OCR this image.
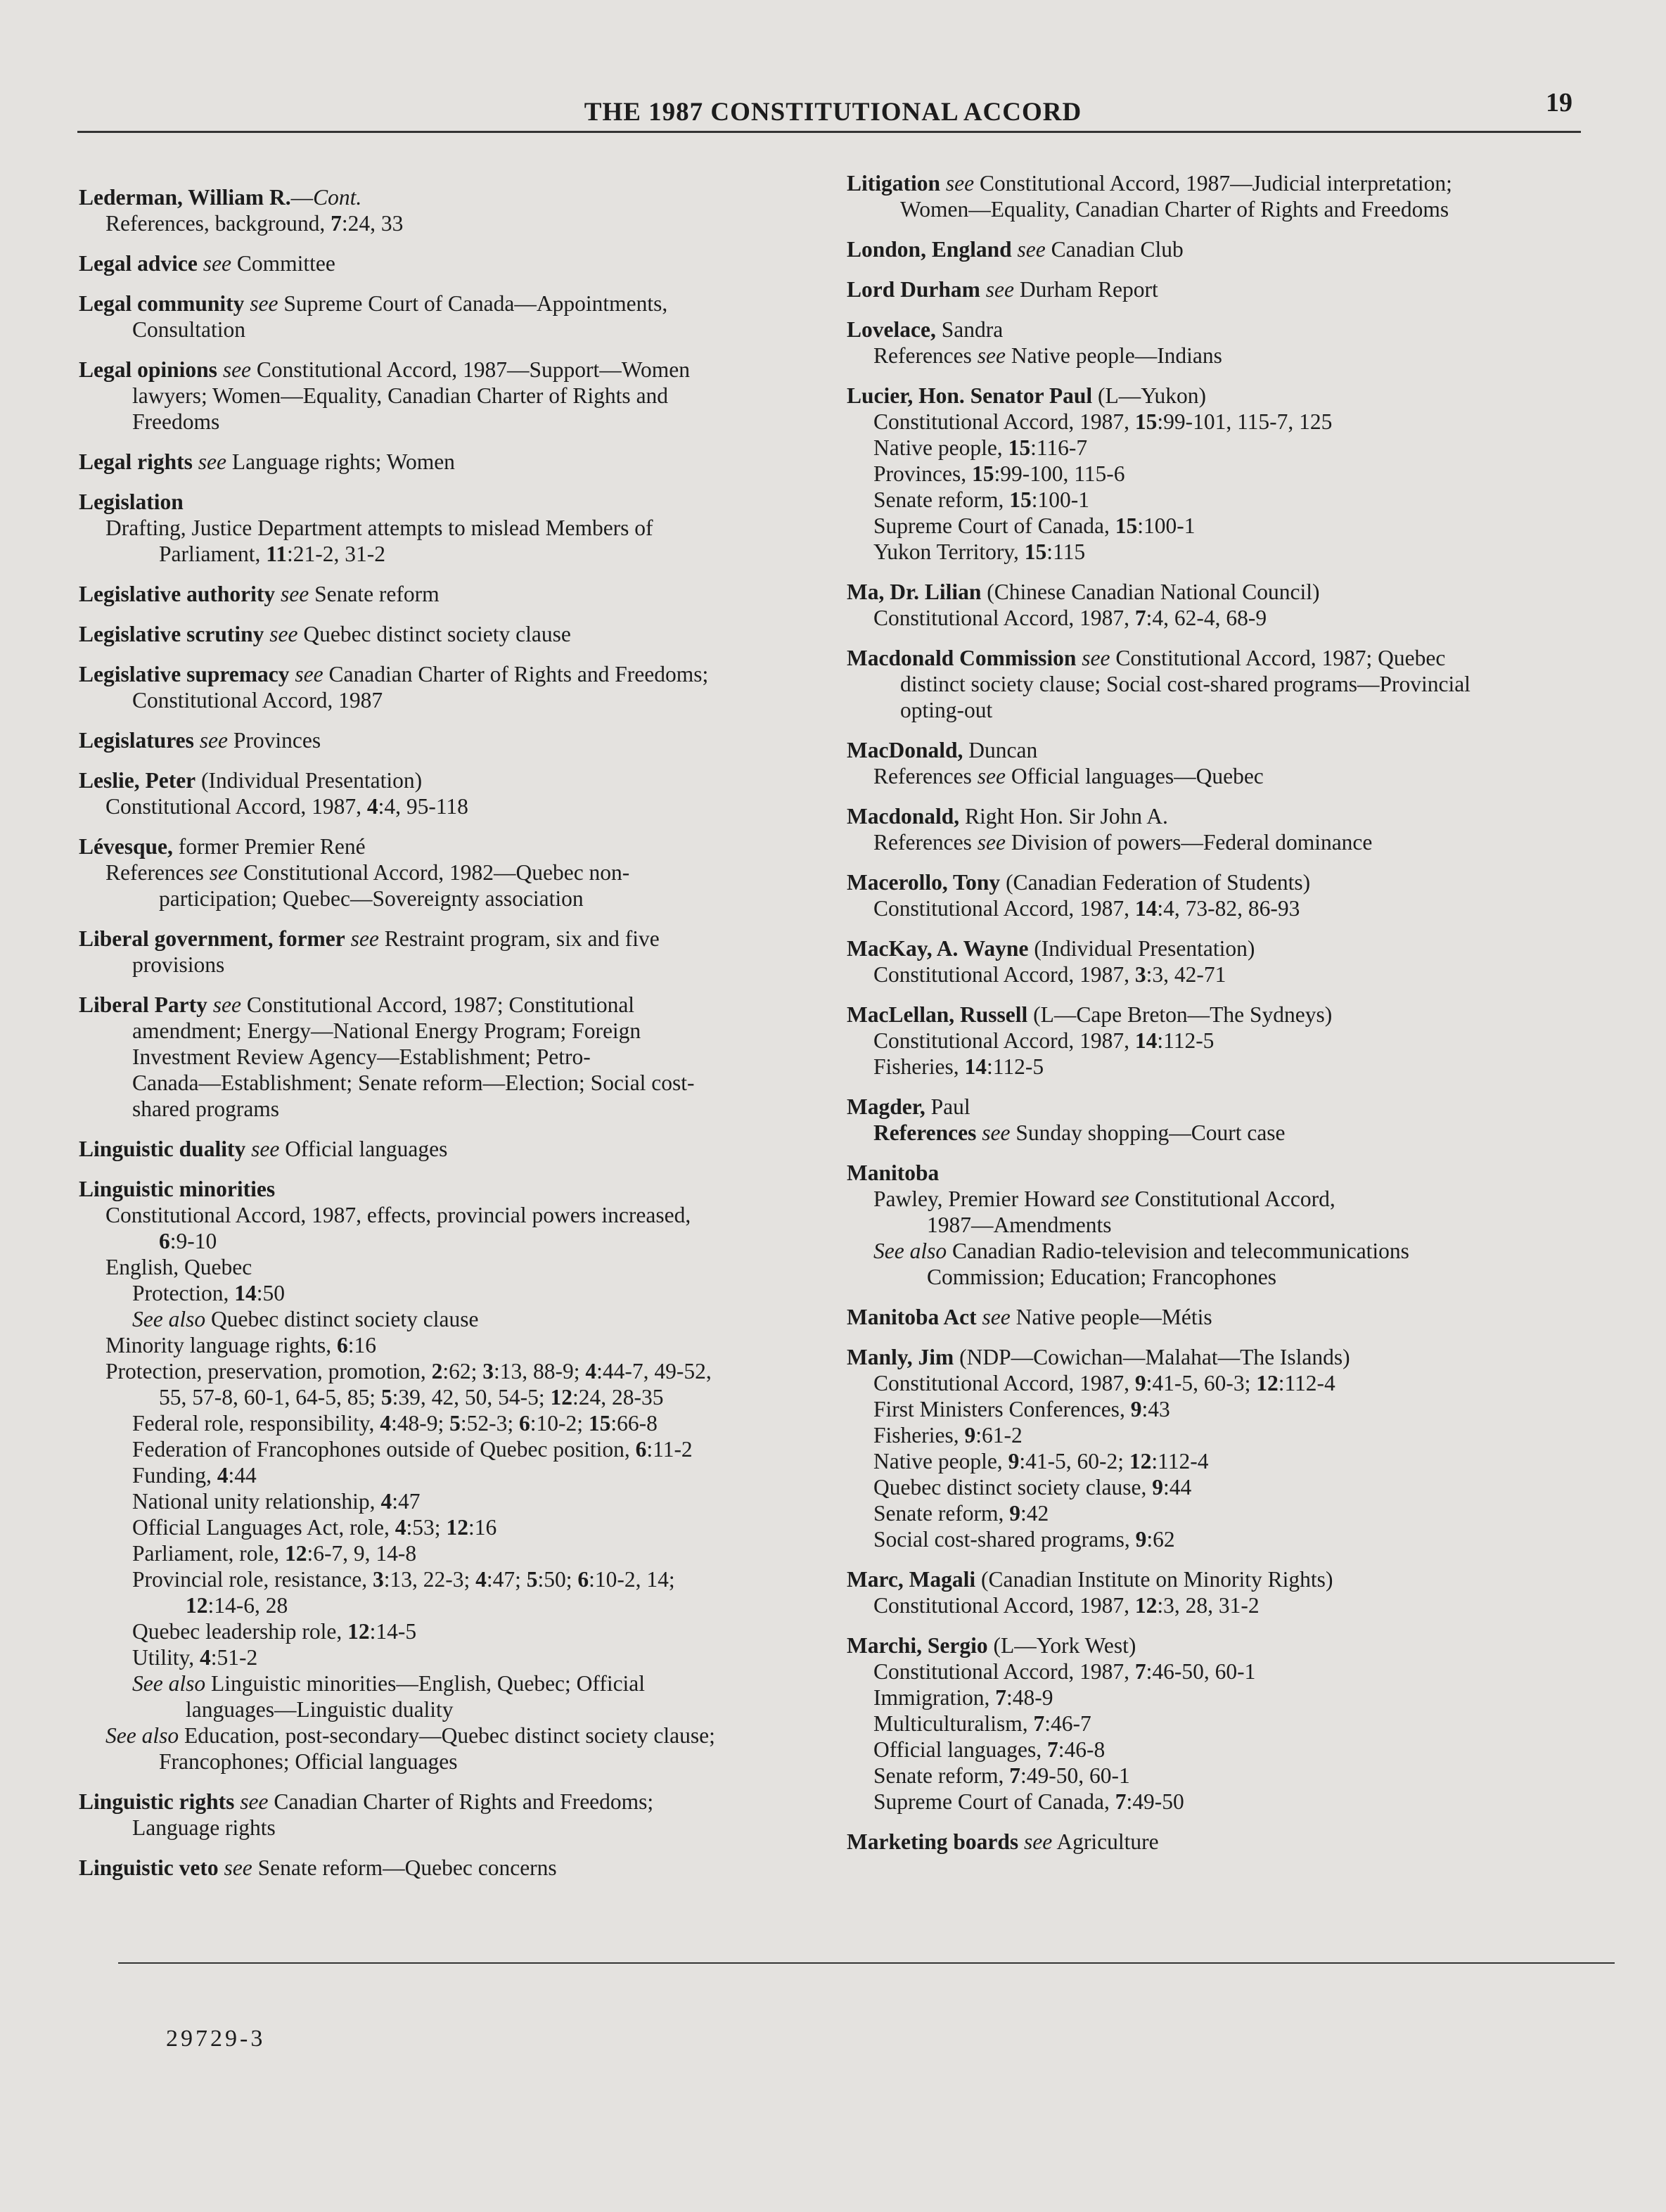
THE 1987 CONSTITUTIONAL ACCORD	19
Lederman, William R.—Cont.
References, background, 7:24, 33
Legal advice see Committee
Legal community see Supreme Court of Canada—Appointments,
Consultation
Legal opinions see Constitutional Accord, 1987—Support—Women
lawyers; Women—Equality, Canadian Charter of Rights and
Freedoms
Legal rights see Language rights; Women
Legislation
Drafting, Justice Department attempts to mislead Members of
Parliament, 11:21-2, 31-2
Legislative authority see Senate reform
Legislative scrutiny see Quebec distinct society clause
Legislative supremacy see Canadian Charter of Rights and Freedoms;
Constitutional Accord, 1987
Legislatures see Provinces
Leslie, Peter (Individual Presentation)
Constitutional Accord, 1987, 4:4, 95-118
Lévesque, former Premier René
References see Constitutional Accord, 1982—Quebec non-
participation; Quebec—Sovereignty association
Liberal government, former see Restraint program, six and five
provisions
Liberal Party see Constitutional Accord, 1987; Constitutional
amendment; Energy—National Energy Program; Foreign
Investment Review Agency—Establishment; Petro-
Canada—Establishment; Senate reform—Election; Social cost-
shared programs
Linguistic duality see Official languages
Linguistic minorities
Constitutional Accord, 1987, effects, provincial powers increased,
6:9-10
English, Quebec
Protection, 14:50
See also Quebec distinct society clause
Minority language rights, 6:16
Protection, preservation, promotion, 2:62; 3:13, 88-9; 4:44-7, 49-52,
55, 57-8, 60-1, 64-5, 85; 5:39, 42, 50, 54-5; 12:24, 28-35
Federal role, responsibility, 4:48-9; 5:52-3; 6:10-2; 15:66-8
Federation of Francophones outside of Quebec position, 6:11-2
Funding, 4:44
National unity relationship, 4:47
Official Languages Act, role, 4:53; 12:16
Parliament, role, 12:6-7, 9, 14-8
Provincial role, resistance, 3:13, 22-3; 4:47; 5:50; 6:10-2, 14;
12:14-6, 28
Quebec leadership role, 12:14-5
Utility, 4:51-2
See also Linguistic minorities—English, Quebec; Official
languages—Linguistic duality
See also Education, post-secondary—Quebec distinct society clause;
Francophones; Official languages
Linguistic rights see Canadian Charter of Rights and Freedoms;
Language rights
Linguistic veto see Senate reform—Quebec concerns
Litigation see Constitutional Accord, 1987—Judicial interpretation;
Women—Equality, Canadian Charter of Rights and Freedoms
London, England see Canadian Club
Lord Durham see Durham Report
Lovelace, Sandra
References see Native people—Indians
Lucier, Hon. Senator Paul (L—Yukon)
Constitutional Accord, 1987, 15:99-101, 115-7, 125
Native people, 15:116-7
Provinces, 15:99-100, 115-6
Senate reform, 15:100-1
Supreme Court of Canada, 15:100-1
Yukon Territory, 15:115
Ma, Dr. Lilian (Chinese Canadian National Council)
Constitutional Accord, 1987, 7:4, 62-4, 68-9
Macdonald Commission see Constitutional Accord, 1987; Quebec
distinct society clause; Social cost-shared programs—Provincial
opting-out
MacDonald, Duncan
References see Official languages—Quebec
Macdonald, Right Hon. Sir John A.
References see Division of powers—Federal dominance
Macerollo, Tony (Canadian Federation of Students)
Constitutional Accord, 1987, 14:4, 73-82, 86-93
MacKay, A. Wayne (Individual Presentation)
Constitutional Accord, 1987, 3:3, 42-71
MacLellan, Russell (L—Cape Breton—The Sydneys)
Constitutional Accord, 1987, 14:112-5
Fisheries, 14:112-5
Magder, Paul
References see Sunday shopping—Court case
Manitoba
Pawley, Premier Howard see Constitutional Accord,
1987—Amendments
See also Canadian Radio-television and telecommunications
Commission; Education; Francophones
Manitoba Act see Native people—Métis
Manly, Jim (NDP—Cowichan—Malahat—The Islands)
Constitutional Accord, 1987, 9:41-5, 60-3; 12:112-4
First Ministers Conferences, 9:43
Fisheries, 9:61-2
Native people, 9:41-5, 60-2; 12:112-4
Quebec distinct society clause, 9:44
Senate reform, 9:42
Social cost-shared programs, 9:62
Marc, Magali (Canadian Institute on Minority Rights)
Constitutional Accord, 1987, 12:3, 28, 31-2
Marchi, Sergio (L—York West)
Constitutional Accord, 1987, 7:46-50, 60-1
Immigration, 7:48-9
Multiculturalism, 7:46-7
Official languages, 7:46-8
Senate reform, 7:49-50, 60-1
Supreme Court of Canada, 7:49-50
Marketing boards see Agriculture
29729-3
